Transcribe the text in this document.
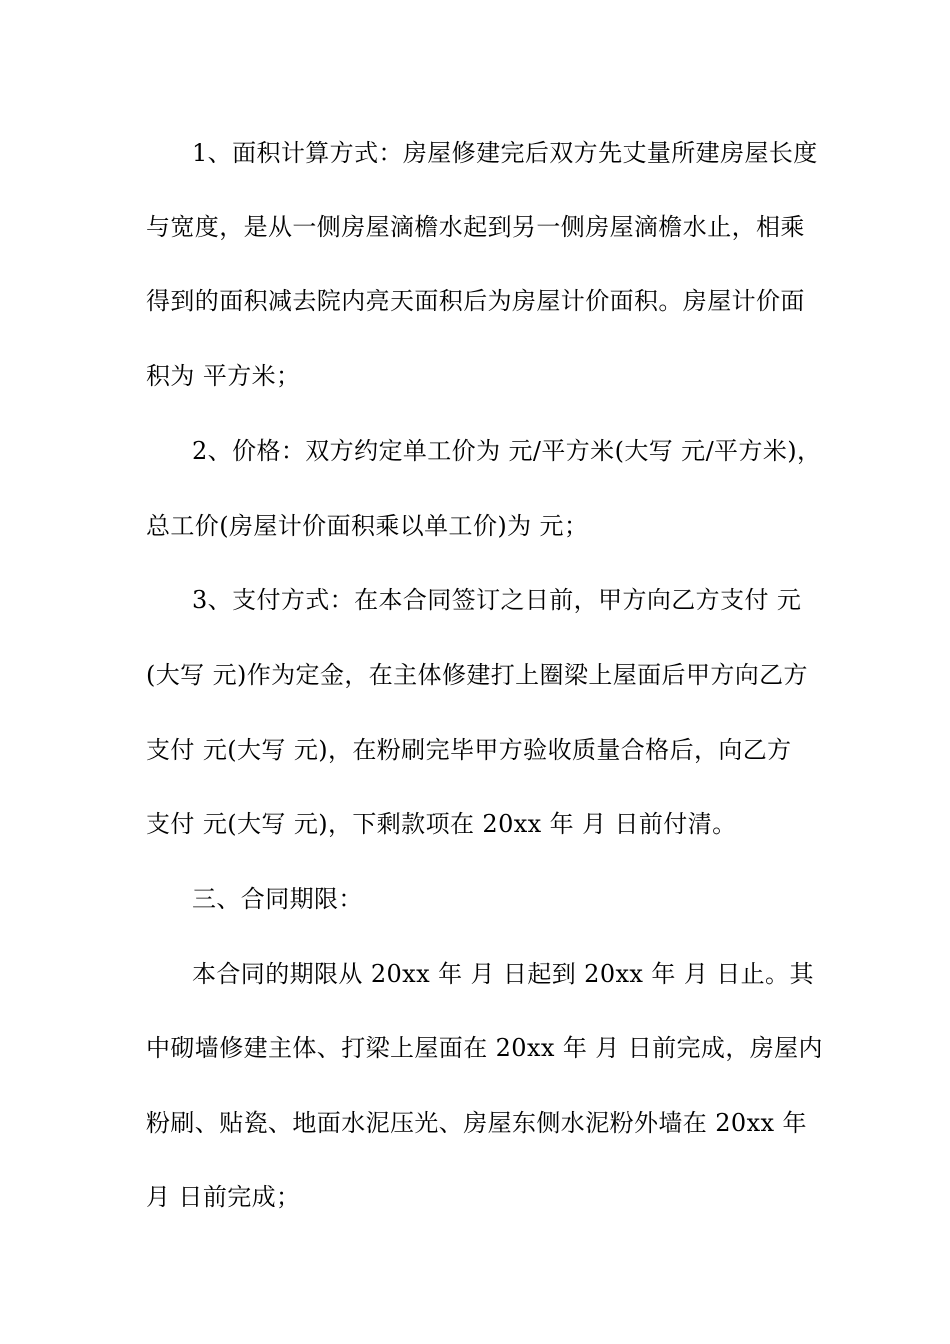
1、面积计算方式：房屋修建完后双方先丈量所建房屋长度
与宽度，是从一侧房屋滴檐水起到另一侧房屋滴檐水止，相乘
得到的面积减去院内亮天面积后为房屋计价面积。房屋计价面
积为 平方米；
2、价格：双方约定单工价为 元/平方米(大写 元/平方米)，
总工价(房屋计价面积乘以单工价)为 元；
3、支付方式：在本合同签订之日前，甲方向乙方支付 元
(大写 元)作为定金，在主体修建打上圈梁上屋面后甲方向乙方
支付 元(大写 元)，在粉刷完毕甲方验收质量合格后，向乙方
支付 元(大写 元)，下剩款项在 20xx 年 月 日前付清。
三、合同期限：
本合同的期限从 20xx 年 月 日起到 20xx 年 月 日止。其
中砌墙修建主体、打梁上屋面在 20xx 年 月 日前完成，房屋内
粉刷、贴瓷、地面水泥压光、房屋东侧水泥粉外墙在 20xx 年
月 日前完成；
